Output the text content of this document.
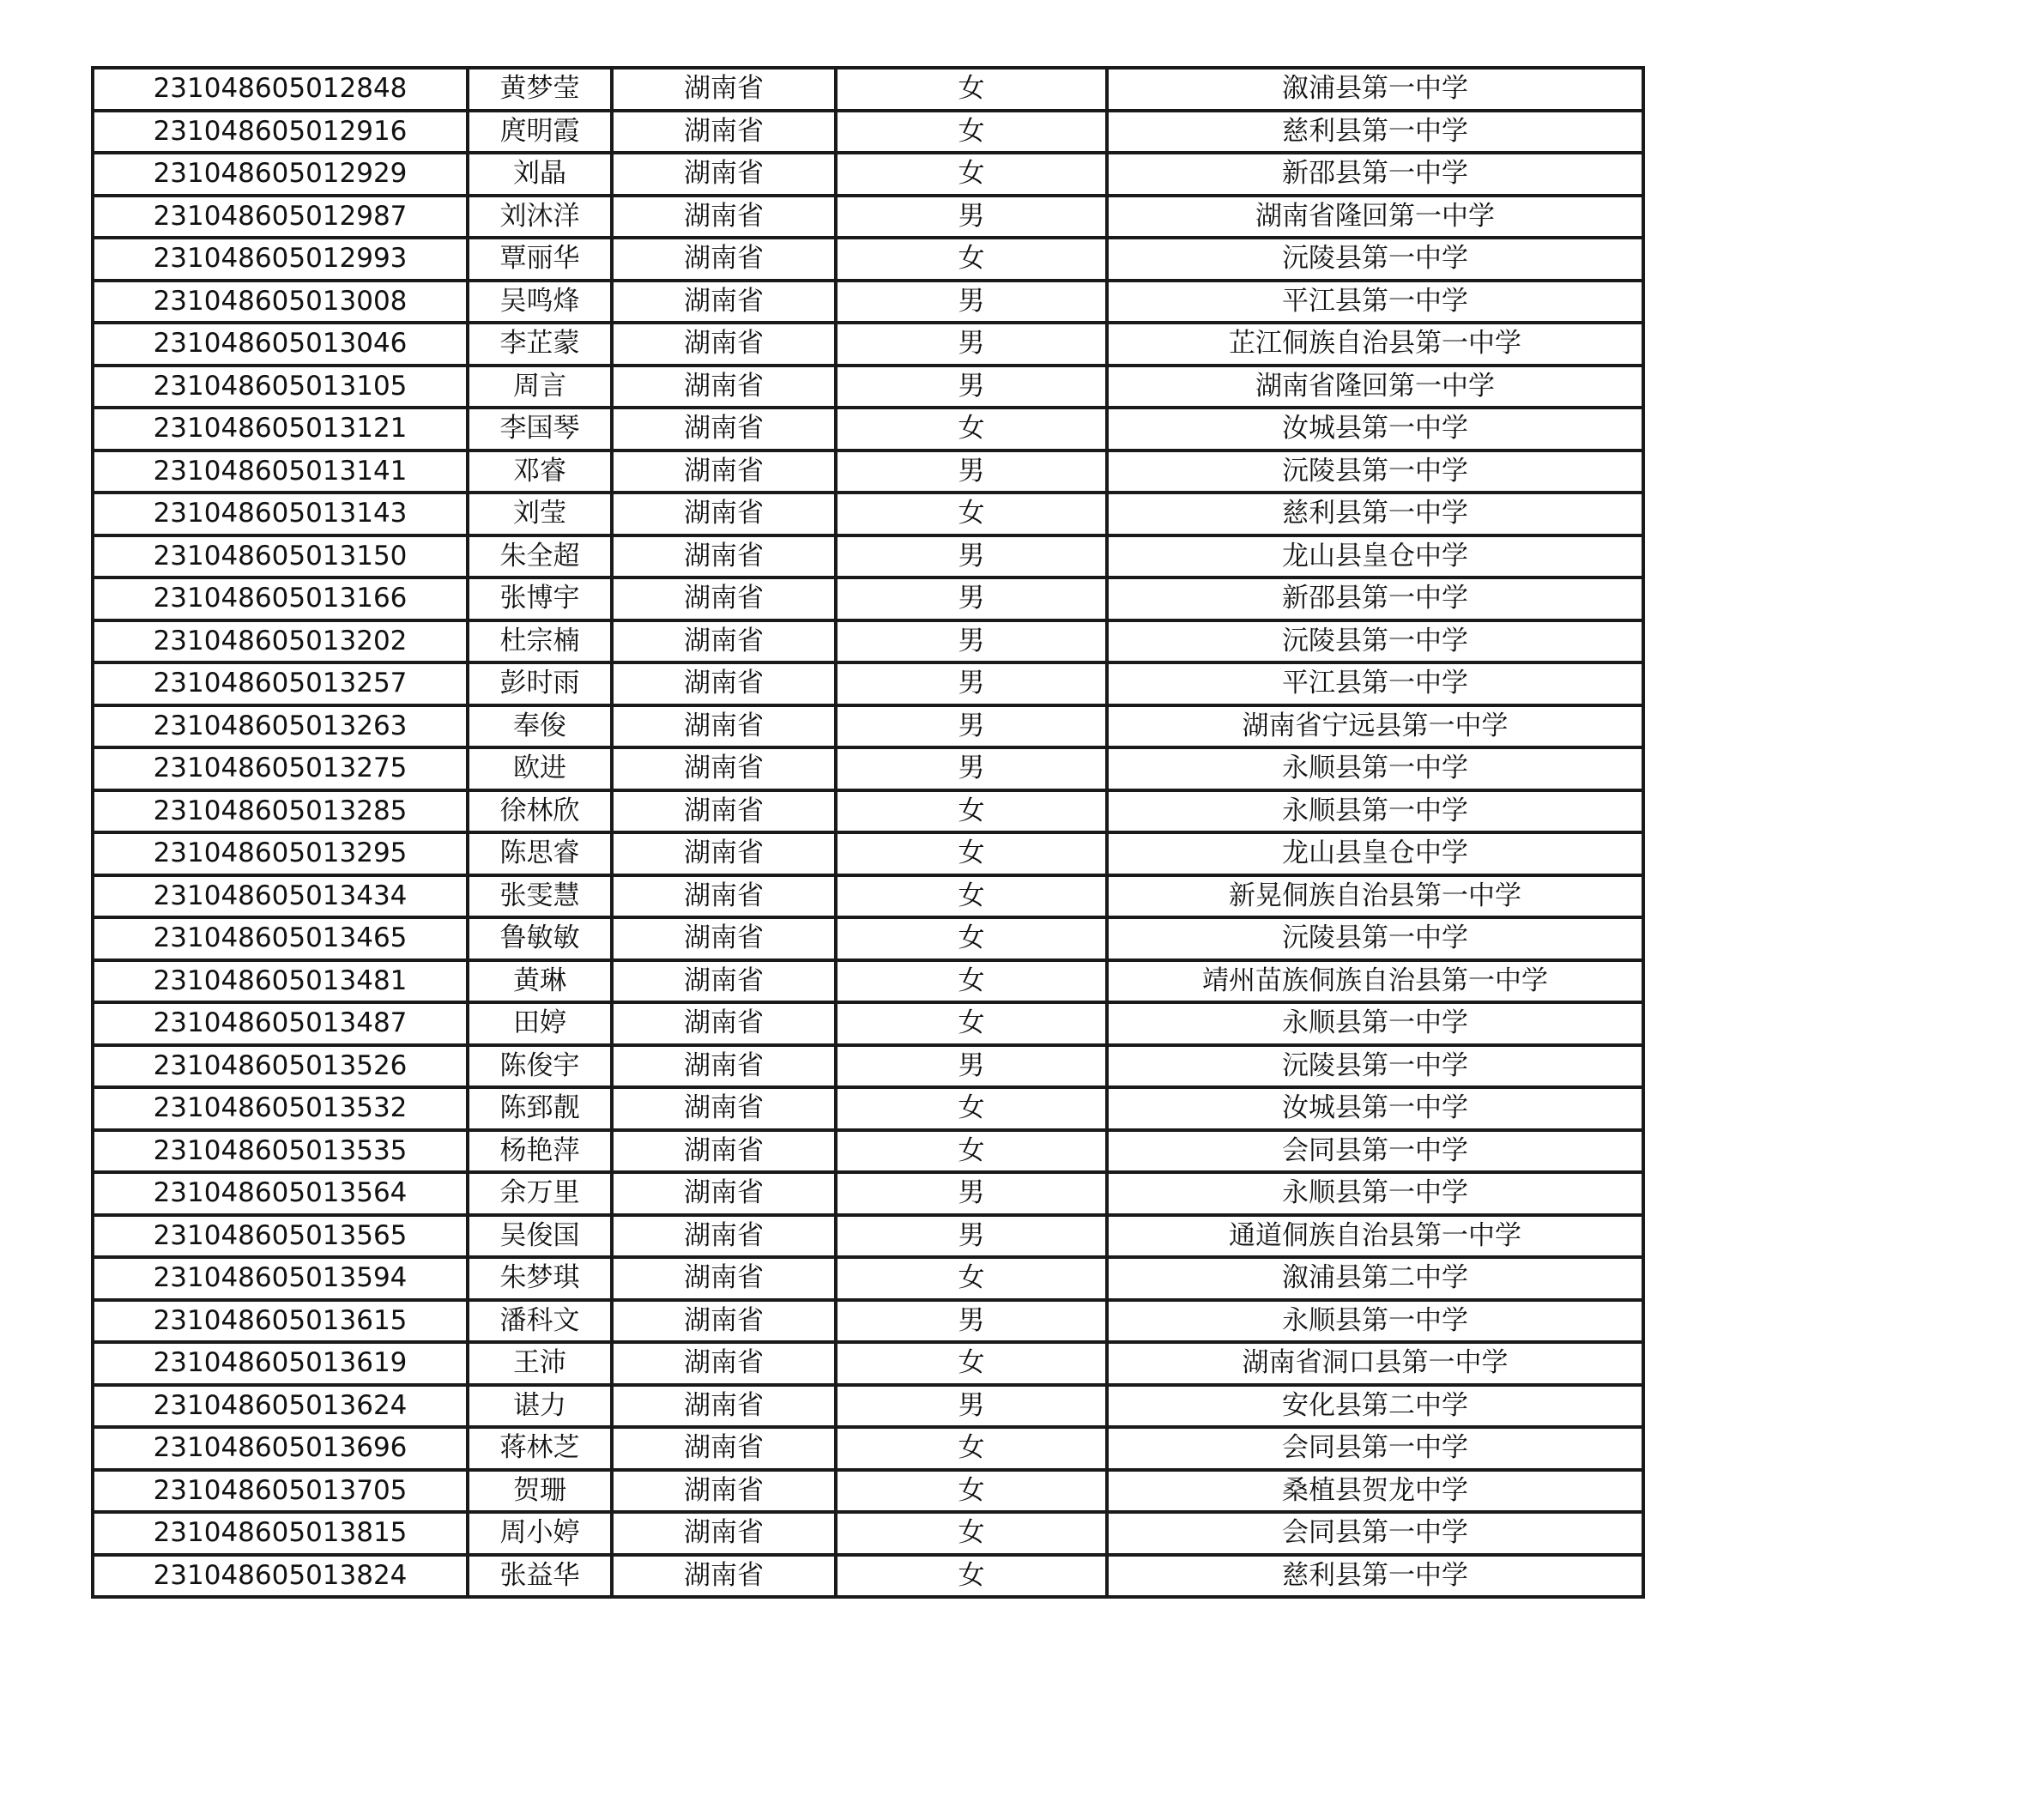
231048605012848	黄梦莹	湖南省	女	溆浦县第一中学
231048605012916	庹明霞	湖南省	女	慈利县第一中学
231048605012929	刘晶	湖南省	女	新邵县第一中学
231048605012987	刘沐洋	湖南省	男	湖南省隆回第一中学
231048605012993	覃丽华	湖南省	女	沅陵县第一中学
231048605013008	吴鸣烽	湖南省	男	平江县第一中学
231048605013046	李芷蒙	湖南省	男	芷江侗族自治县第一中学
231048605013105	周言	湖南省	男	湖南省隆回第一中学
231048605013121	李国琴	湖南省	女	汝城县第一中学
231048605013141	邓睿	湖南省	男	沅陵县第一中学
231048605013143	刘莹	湖南省	女	慈利县第一中学
231048605013150	朱全超	湖南省	男	龙山县皇仓中学
231048605013166	张博宇	湖南省	男	新邵县第一中学
231048605013202	杜宗楠	湖南省	男	沅陵县第一中学
231048605013257	彭时雨	湖南省	男	平江县第一中学
231048605013263	奉俊	湖南省	男	湖南省宁远县第一中学
231048605013275	欧进	湖南省	男	永顺县第一中学
231048605013285	徐林欣	湖南省	女	永顺县第一中学
231048605013295	陈思睿	湖南省	女	龙山县皇仓中学
231048605013434	张雯慧	湖南省	女	新晃侗族自治县第一中学
231048605013465	鲁敏敏	湖南省	女	沅陵县第一中学
231048605013481	黄琳	湖南省	女	靖州苗族侗族自治县第一中学
231048605013487	田婷	湖南省	女	永顺县第一中学
231048605013526	陈俊宇	湖南省	男	沅陵县第一中学
231048605013532	陈郅靓	湖南省	女	汝城县第一中学
231048605013535	杨艳萍	湖南省	女	会同县第一中学
231048605013564	余万里	湖南省	男	永顺县第一中学
231048605013565	吴俊国	湖南省	男	通道侗族自治县第一中学
231048605013594	朱梦琪	湖南省	女	溆浦县第二中学
231048605013615	潘科文	湖南省	男	永顺县第一中学
231048605013619	王沛	湖南省	女	湖南省洞口县第一中学
231048605013624	谌力	湖南省	男	安化县第二中学
231048605013696	蒋林芝	湖南省	女	会同县第一中学
231048605013705	贺珊	湖南省	女	桑植县贺龙中学
231048605013815	周小婷	湖南省	女	会同县第一中学
231048605013824	张益华	湖南省	女	慈利县第一中学
